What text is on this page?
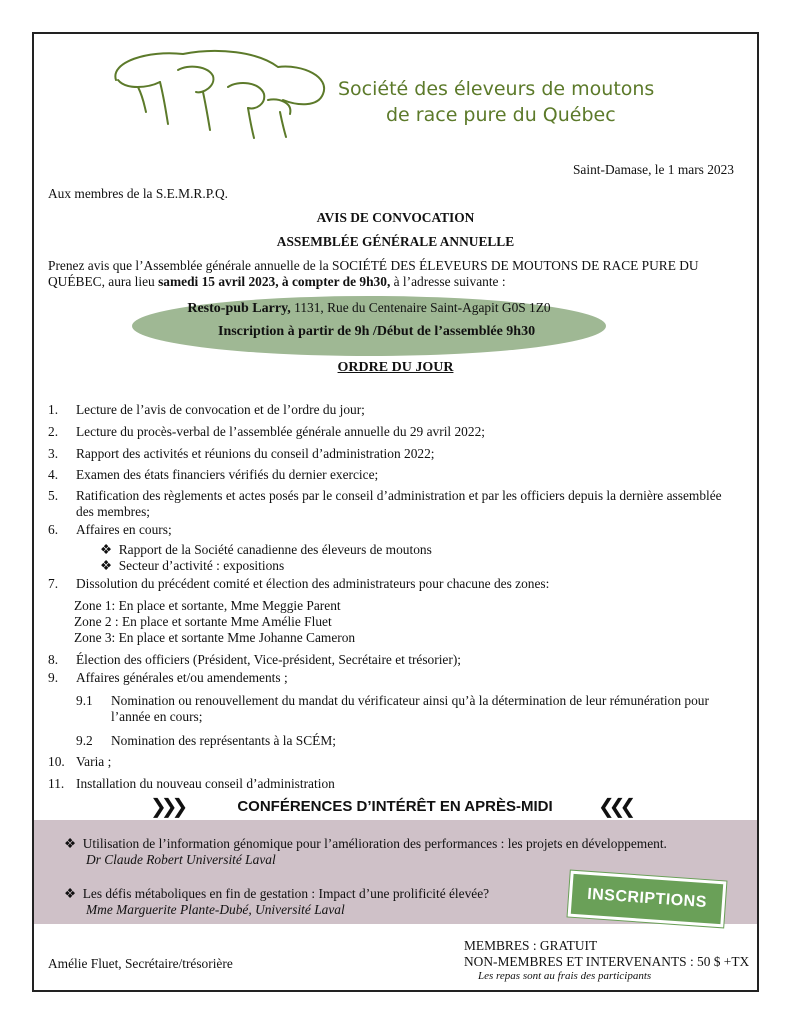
Société des éleveurs de moutons
de race pure du Québec
Saint-Damase, le 1 mars 2023
Aux membres de la S.E.M.R.P.Q.
AVIS DE CONVOCATION
ASSEMBLÉE GÉNÉRALE ANNUELLE
Prenez avis que l’Assemblée générale annuelle de la SOCIÉTÉ DES ÉLEVEURS DE MOUTONS DE RACE PURE DU QUÉBEC, aura lieu samedi 15 avril 2023, à compter de 9h30, à l’adresse suivante :
Resto-pub Larry, 1131, Rue du Centenaire Saint-Agapit G0S 1Z0
Inscription à partir de 9h /Début de l’assemblée 9h30
ORDRE DU JOUR
1.	Lecture de l’avis de convocation et de l’ordre du jour;
2.	Lecture du procès-verbal de l’assemblée générale annuelle du 29 avril 2022;
3.	Rapport des activités et réunions du conseil d’administration 2022;
4.	Examen des états financiers vérifiés du dernier exercice;
5.	Ratification des règlements et actes posés par le conseil d’administration et par les officiers depuis la dernière assemblée des membres;
6.	Affaires en cours;
❖ Rapport de la Société canadienne des éleveurs de moutons
❖ Secteur d’activité : expositions
7.	Dissolution du précédent comité et élection des administrateurs pour chacune des zones:
Zone 1: En place et sortante, Mme Meggie Parent
Zone 2 : En place et sortante Mme Amélie Fluet
Zone 3: En place et sortante Mme Johanne Cameron
8.	Élection des officiers (Président, Vice-président, Secrétaire et trésorier);
9.	Affaires générales et/ou amendements ;
9.1 Nomination ou renouvellement du mandat du vérificateur ainsi qu’à la détermination de leur rémunération pour l’année en cours;
9.2 Nomination des représentants à la SCÉM;
10. Varia ;
11. Installation du nouveau conseil d’administration
❯❯❯	CONFÉRENCES D’INTÉRÊT EN APRÈS-MIDI	❮❮❮
❖ Utilisation de l’information génomique pour l’amélioration des performances : les projets en développement.
Dr Claude Robert Université Laval
❖ Les défis métaboliques en fin de gestation : Impact d’une prolificité élevée?
Mme Marguerite Plante-Dubé, Université Laval	INSCRIPTIONS
Amélie Fluet, Secrétaire/trésorière
MEMBRES : GRATUIT
NON-MEMBRES ET INTERVENANTS : 50 $ +TX
Les repas sont au frais des participants
